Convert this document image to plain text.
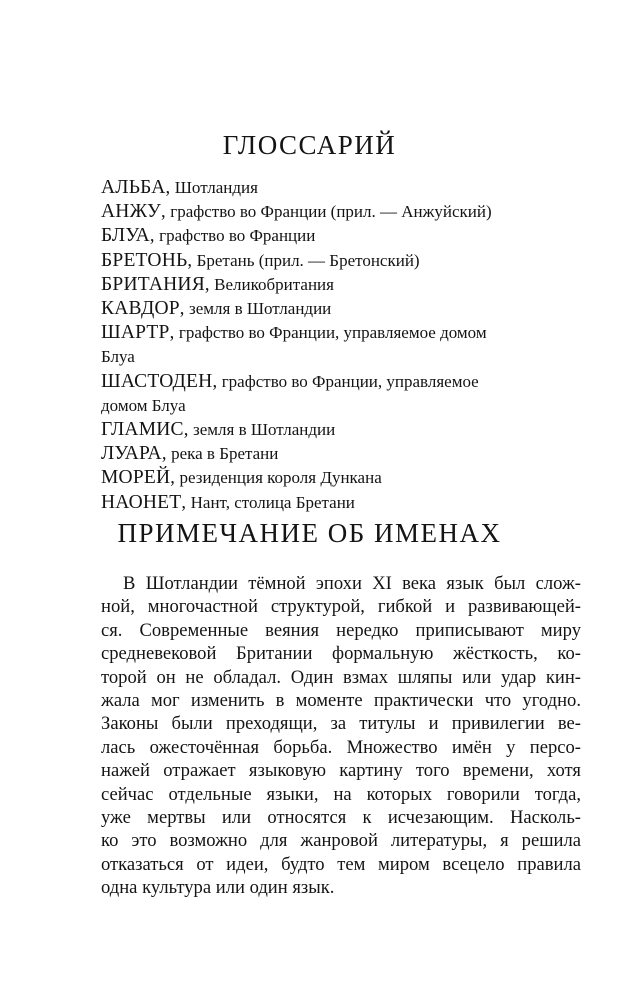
ГЛОССАРИЙ
АЛЬБА, Шотландия
АНЖУ, графство во Франции (прил. — Анжуйский)
БЛУА, графство во Франции
БРЕТОНЬ, Бретань (прил. — Бретонский)
БРИТАНИЯ, Великобритания
КАВДОР, земля в Шотландии
ШАРТР, графство во Франции, управляемое домом
Блуа
ШАСТОДЕН, графство во Франции, управляемое
домом Блуа
ГЛАМИС, земля в Шотландии
ЛУАРА, река в Бретани
МОРЕЙ, резиденция короля Дункана
НАОНЕТ, Нант, столица Бретани
ПРИМЕЧАНИЕ ОБ ИМЕНАХ
В Шотландии тёмной эпохи XI века язык был слож-
ной, многочастной структурой, гибкой и развивающей-
ся. Современные веяния нередко приписывают миру
средневековой Британии формальную жёсткость, ко-
торой он не обладал. Один взмах шляпы или удар кин-
жала мог изменить в моменте практически что угодно.
Законы были преходящи, за титулы и привилегии ве-
лась ожесточённая борьба. Множество имён у персо-
нажей отражает языковую картину того времени, хотя
сейчас отдельные языки, на которых говорили тогда,
уже мертвы или относятся к исчезающим. Насколь-
ко это возможно для жанровой литературы, я решила
отказаться от идеи, будто тем миром всецело правила
одна культура или один язык.
